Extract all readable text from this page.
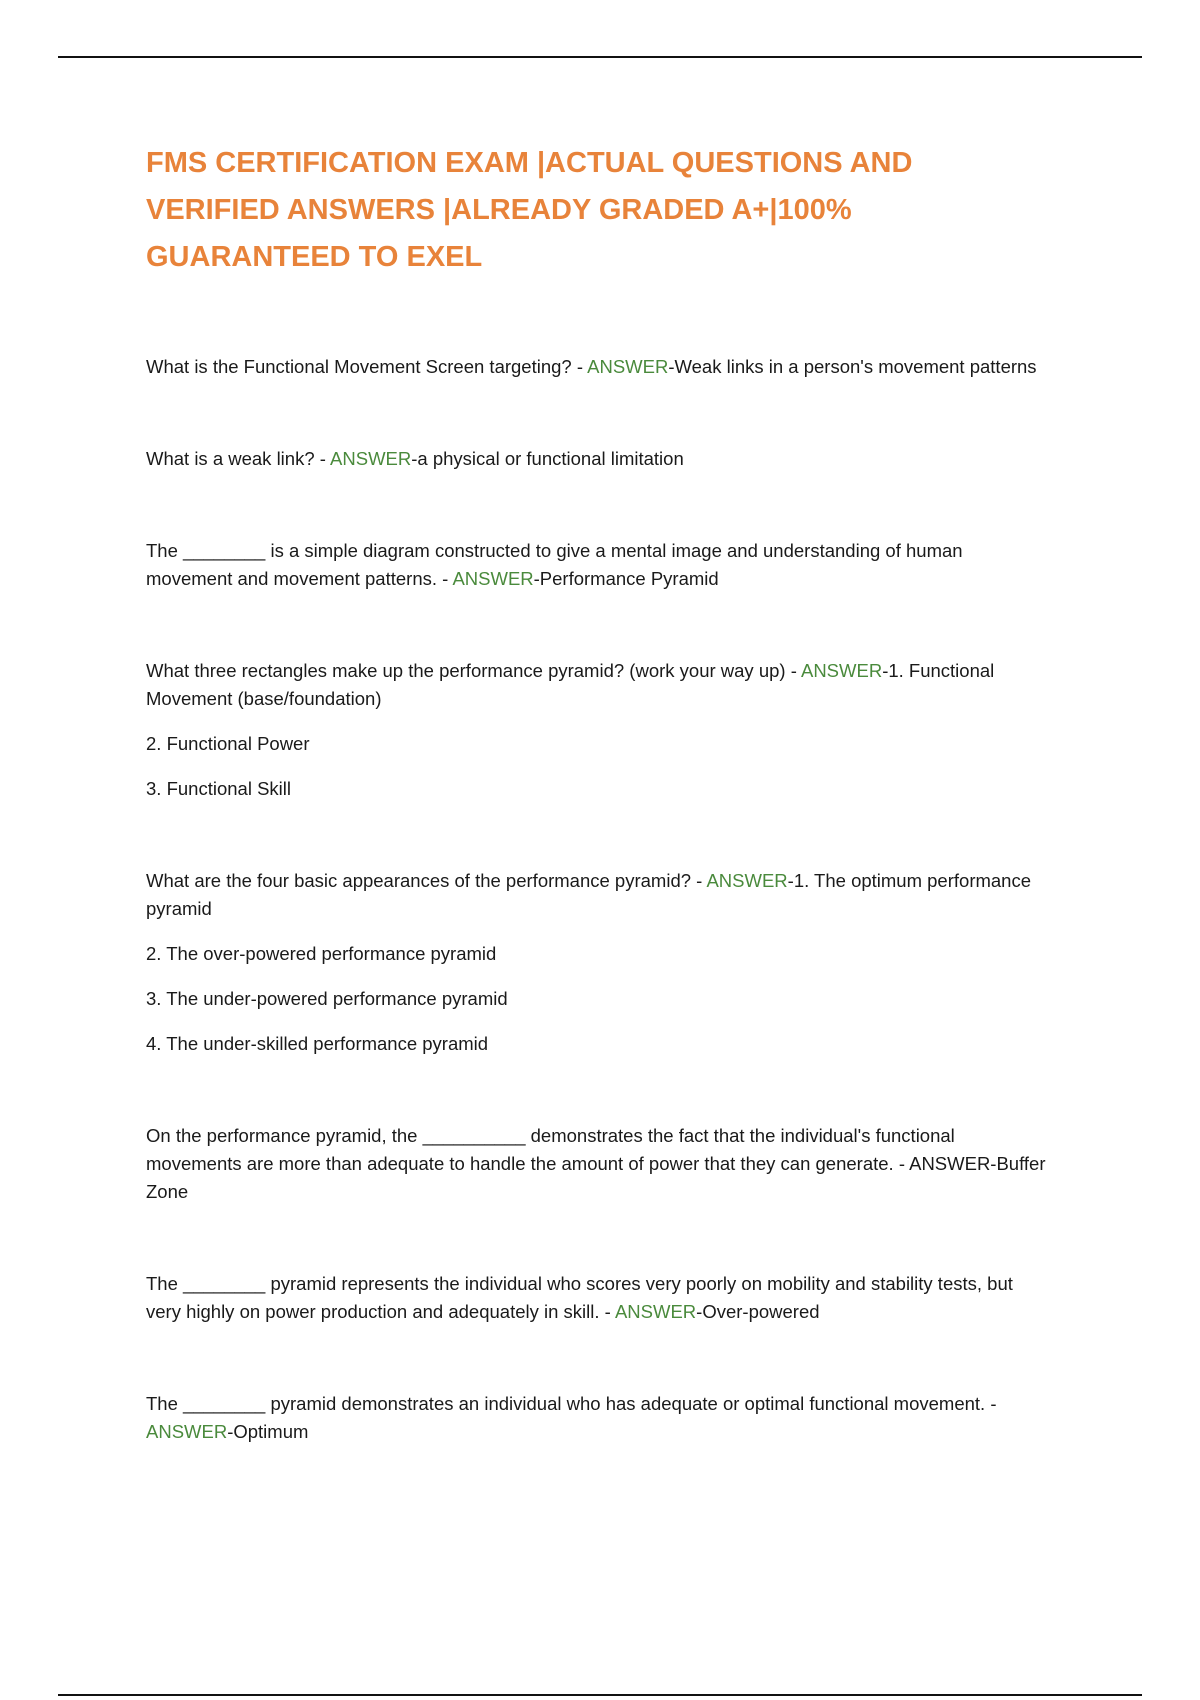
FMS CERTIFICATION EXAM |ACTUAL QUESTIONS AND VERIFIED ANSWERS |ALREADY GRADED A+|100% GUARANTEED TO EXEL

What is the Functional Movement Screen targeting? - ANSWER-Weak links in a person's movement patterns

What is a weak link? - ANSWER-a physical or functional limitation

The ________ is a simple diagram constructed to give a mental image and understanding of human movement and movement patterns. - ANSWER-Performance Pyramid

What three rectangles make up the performance pyramid? (work your way up) - ANSWER-1. Functional Movement (base/foundation)

2. Functional Power

3. Functional Skill

What are the four basic appearances of the performance pyramid? - ANSWER-1. The optimum performance pyramid

2. The over-powered performance pyramid

3. The under-powered performance pyramid

4. The under-skilled performance pyramid

On the performance pyramid, the __________ demonstrates the fact that the individual's functional movements are more than adequate to handle the amount of power that they can generate. - ANSWER-Buffer Zone

The ________ pyramid represents the individual who scores very poorly on mobility and stability tests, but very highly on power production and adequately in skill. - ANSWER-Over-powered

The ________ pyramid demonstrates an individual who has adequate or optimal functional movement. - ANSWER-Optimum
